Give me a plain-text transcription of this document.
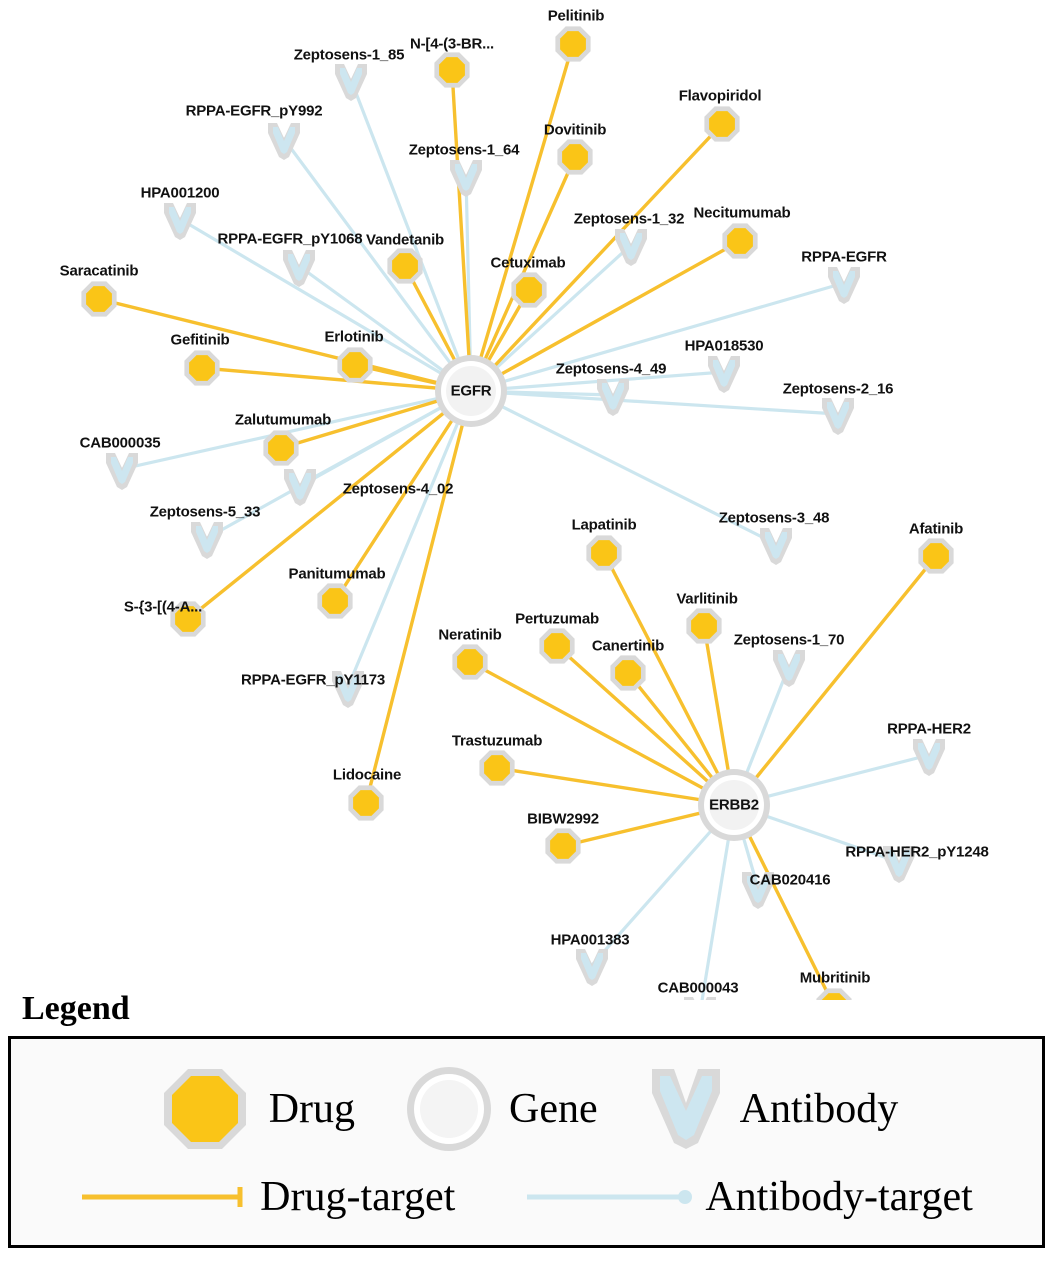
Pelitinib
N-[4-(3-BR...
Flavopiridol
Dovitinib
Necitumumab
Vandetanib
Cetuximab
Saracatinib
Gefitinib	Erlotinib
Zalutumumab
Lapatinib	Afatinib
Varlitinib
Panitumumab
S-{3-[(4-A...
Pertuzumab
Neratinib
Canertinib
Trastuzumab
Lidocaine
BIBW2992
Mubritinib
Zeptosens-1_85
RPPA-EGFR_pY992
Zeptosens-1_64
HPA001200
Zeptosens-1_32
RPPA-EGFR_pY1068
RPPA-EGFR
HPA018530
Zeptosens-4_49
Zeptosens-2_16
CAB000035
Zeptosens-4_02
Zeptosens-5_33	Zeptosens-3_48
Zeptosens-1_70
RPPA-EGFR_pY1173
RPPA-HER2
RPPA-HER2_pY1248
CAB020416
HPA001383
CAB000043
EGFR
ERBB2
Legend
Drug	Gene	Antibody
Drug-target	Antibody-target
